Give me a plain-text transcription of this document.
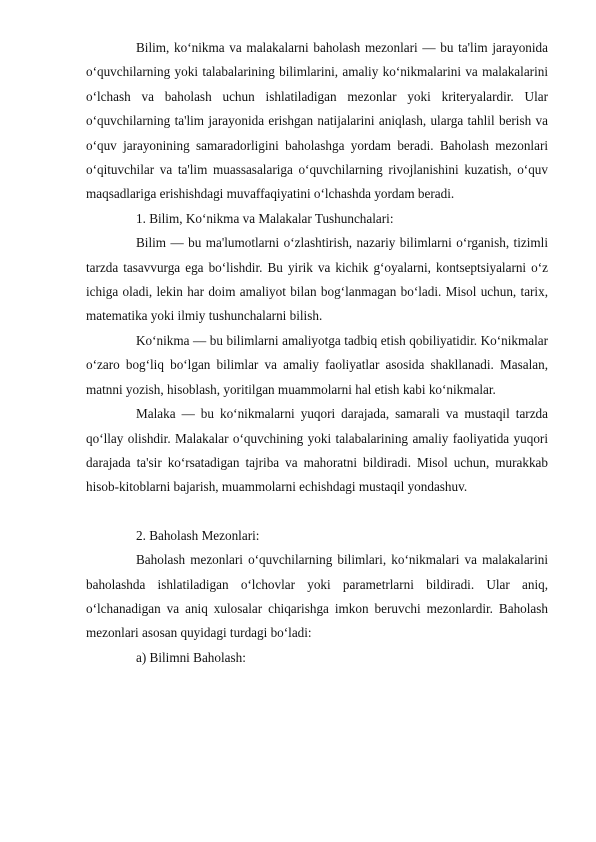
Bilim, ko‘nikma va malakalarni baholash mezonlari — bu ta'lim jarayonida o‘quvchilarning yoki talabalarining bilimlarini, amaliy ko‘nikmalarini va malakalarini o‘lchash va baholash uchun ishlatiladigan mezonlar yoki kriteryalardir. Ular o‘quvchilarning ta'lim jarayonida erishgan natijalarini aniqlash, ularga tahlil berish va o‘quv jarayonining samaradorligini baholashga yordam beradi. Baholash mezonlari o‘qituvchilar va ta'lim muassasalariga o‘quvchilarning rivojlanishini kuzatish, o‘quv maqsadlariga erishishdagi muvaffaqiyatini o‘lchashda yordam beradi.

1. Bilim, Ko‘nikma va Malakalar Tushunchalari:

Bilim — bu ma'lumotlarni o‘zlashtirish, nazariy bilimlarni o‘rganish, tizimli tarzda tasavvurga ega bo‘lishdir. Bu yirik va kichik g‘oyalarni, kontseptsiyalarni o‘z ichiga oladi, lekin har doim amaliyot bilan bog‘lanmagan bo‘ladi. Misol uchun, tarix, matematika yoki ilmiy tushunchalarni bilish.

Ko‘nikma — bu bilimlarni amaliyotga tadbiq etish qobiliyatidir. Ko‘nikmalar o‘zaro bog‘liq bo‘lgan bilimlar va amaliy faoliyatlar asosida shakllanadi. Masalan, matnni yozish, hisoblash, yoritilgan muammolarni hal etish kabi ko‘nikmalar.

Malaka — bu ko‘nikmalarni yuqori darajada, samarali va mustaqil tarzda qo‘llay olishdir. Malakalar o‘quvchining yoki talabalarining amaliy faoliyatida yuqori darajada ta'sir ko‘rsatadigan tajriba va mahoratni bildiradi. Misol uchun, murakkab hisob-kitoblarni bajarish, muammolarni echishdagi mustaqil yondashuv.

2. Baholash Mezonlari:

Baholash mezonlari o‘quvchilarning bilimlari, ko‘nikmalari va malakalarini baholashda ishlatiladigan o‘lchovlar yoki parametrlarni bildiradi. Ular aniq, o‘lchanadigan va aniq xulosalar chiqarishga imkon beruvchi mezonlardir. Baholash mezonlari asosan quyidagi turdagi bo‘ladi:

a) Bilimni Baholash:
